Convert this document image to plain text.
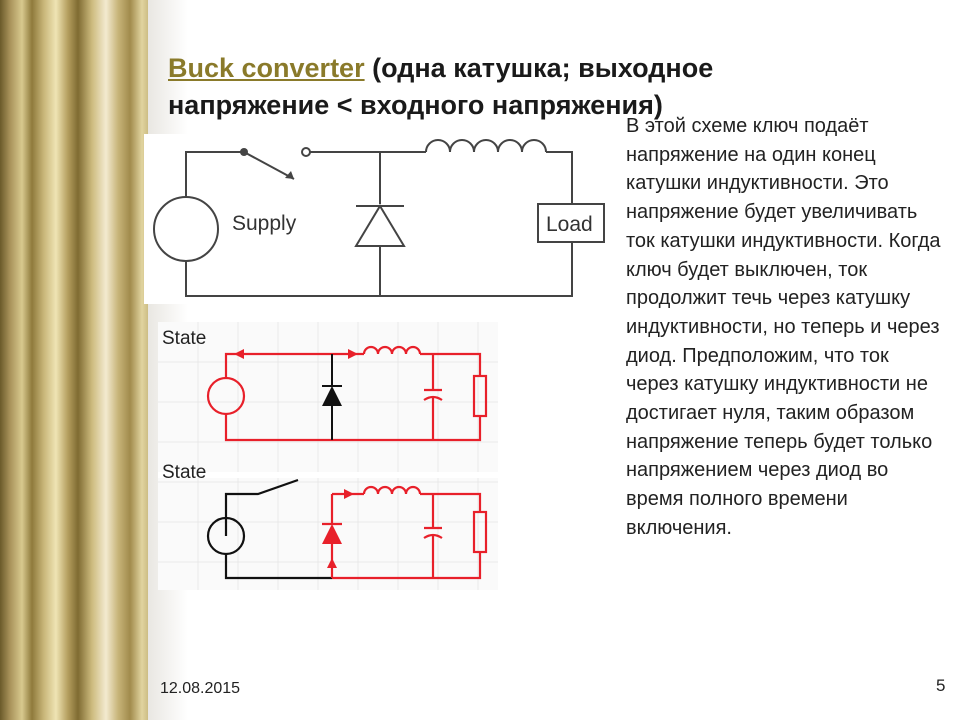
Buck converter (одна катушка; выходное напряжение < входного напряжения)
Supply	Load
State
State
В этой схеме ключ подаёт напряжение на один конец катушки индуктивности. Это напряжение будет увеличивать ток катушки индуктивности. Когда ключ будет выключен, ток продолжит течь через катушку индуктивности, но теперь и через диод. Предположим, что ток через катушку индуктивности не достигает нуля, таким образом напряжение теперь будет только напряжением через диод во время полного времени включения.
12.08.2015	5
